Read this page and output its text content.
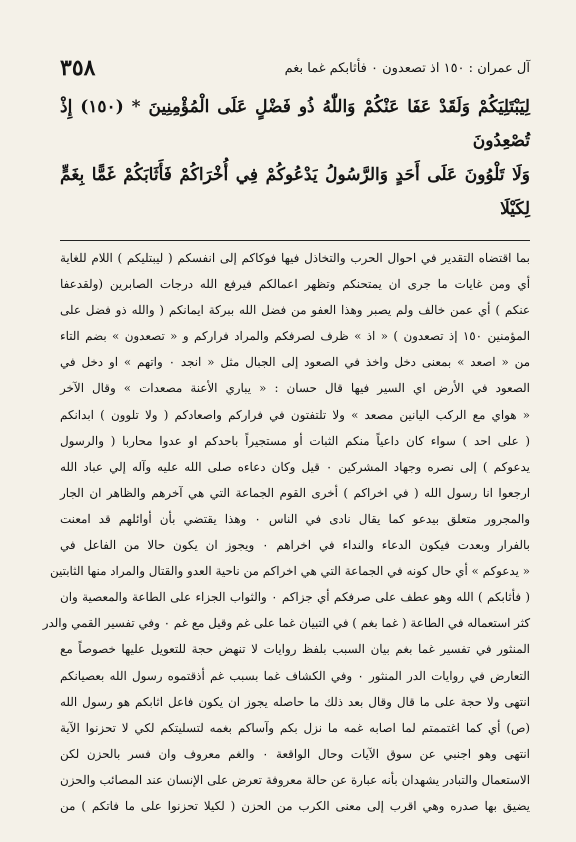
آل عمران : ١٥٠ اذ تصعدون ٠ فأثابكم غما بغم
٣٥٨
لِيَبْتَلِيَكُمْ وَلَقَدْ عَفَا عَنْكُمْ وَاللّٰهُ ذُو فَضْلٍ عَلَى الْمُؤْمِنِينَ * (١٥٠) إِذْ تُصْعِدُونَ
وَلَا تَلْوُونَ عَلَى أَحَدٍ وَالرَّسُولُ يَدْعُوكُمْ فِي أُخْرَاكُمْ فَأَثَابَكُمْ غَمًّا بِغَمٍّ لِكَيْلَا
بما اقتضاه التقدير في احوال الحرب والتخاذل فيها فوكاكم إلى انفسكم ( ليبتليكم ) اللام للغاية
أي ومن غايات ما جرى ان يمتحنكم وتظهر اعمالكم فيرفع الله درجات الصابرين (ولقدعفا
عنكم ) أي عمن خالف ولم يصبر وهذا العفو من فضل الله ببركة ايمانكم ( والله ذو فضل على
المؤمنين ١٥٠ إذ تصعدون ) « اذ » ظرف لصرفكم والمراد فراركم و « تصعدون » بضم التاء
من « اصعد » بمعنى دخل واخذ في الصعود إلى الجبال مثل « انجد ٠ واتهم » او دخل في
الصعود في الأرض اي السير فيها قال حسان : « يباري الأعنة مصعدات » وقال الآخر
« هواي مع الركب اليانين مصعد » ولا تلتفتون في فراركم واصعادكم ( ولا تلوون ) ابدانكم
( على احد ) سواء كان داعياً منكم الثبات أو مستجيراً باحدكم او عدوا محاربا ( والرسول
يدعوكم ) إلى نصره وجهاد المشركين ٠ قيل وكان دعاءه صلى الله عليه وآله إلي عباد الله
ارجعوا انا رسول الله ( في اخراكم ) أخرى القوم الجماعة التي هي آخرهم والظاهر ان الجار
والمجرور متعلق بيدعو كما يقال نادى في الناس ٠ وهذا يقتضي بأن أوائلهم قد امعنت
بالفرار وبعدت فيكون الدعاء والنداء في اخراهم ٠ ويجوز ان يكون حالا من الفاعل في
« يدعوكم » أي حال كونه في الجماعة التي هي اخراكم من ناحية العدو والقتال والمراد منها الثابتين
( فأثابكم ) الله وهو عطف على صرفكم أي جزاكم ٠ والثواب الجزاء على الطاعة والمعصية وان
كثر استعماله في الطاعة ( غما بغم ) في التبيان غما على غم وقيل مع غم ٠ وفي تفسير القمي والدر
المنثور في تفسير غما بغم بيان السبب بلفظ روايات لا تنهض حجة للتعويل عليها خصوصاً مع
التعارض في روايات الدر المنثور ٠ وفي الكشاف غما بسبب غم أذقتموه رسول الله بعصيانكم
انتهى ولا حجة على ما قال وقال بعد ذلك ما حاصله يجوز ان يكون فاعل اثابكم هو رسول الله
(ص) أي كما اغتممتم لما اصابه غمه ما نزل بكم وآساكم بغمه لتسليتكم لكي لا تحزنوا الآية
انتهى وهو اجنبي عن سوق الآيات وحال الواقعة ٠ والغم معروف وان فسر بالحزن لكن
الاستعمال والتبادر يشهدان بأنه عبارة عن حالة معروفة تعرض على الإنسان عند المصائب والحزن
يضيق بها صدره وهي اقرب إلى معنى الكرب من الحزن ( لكيلا تحزنوا على ما فاتكم ) من
